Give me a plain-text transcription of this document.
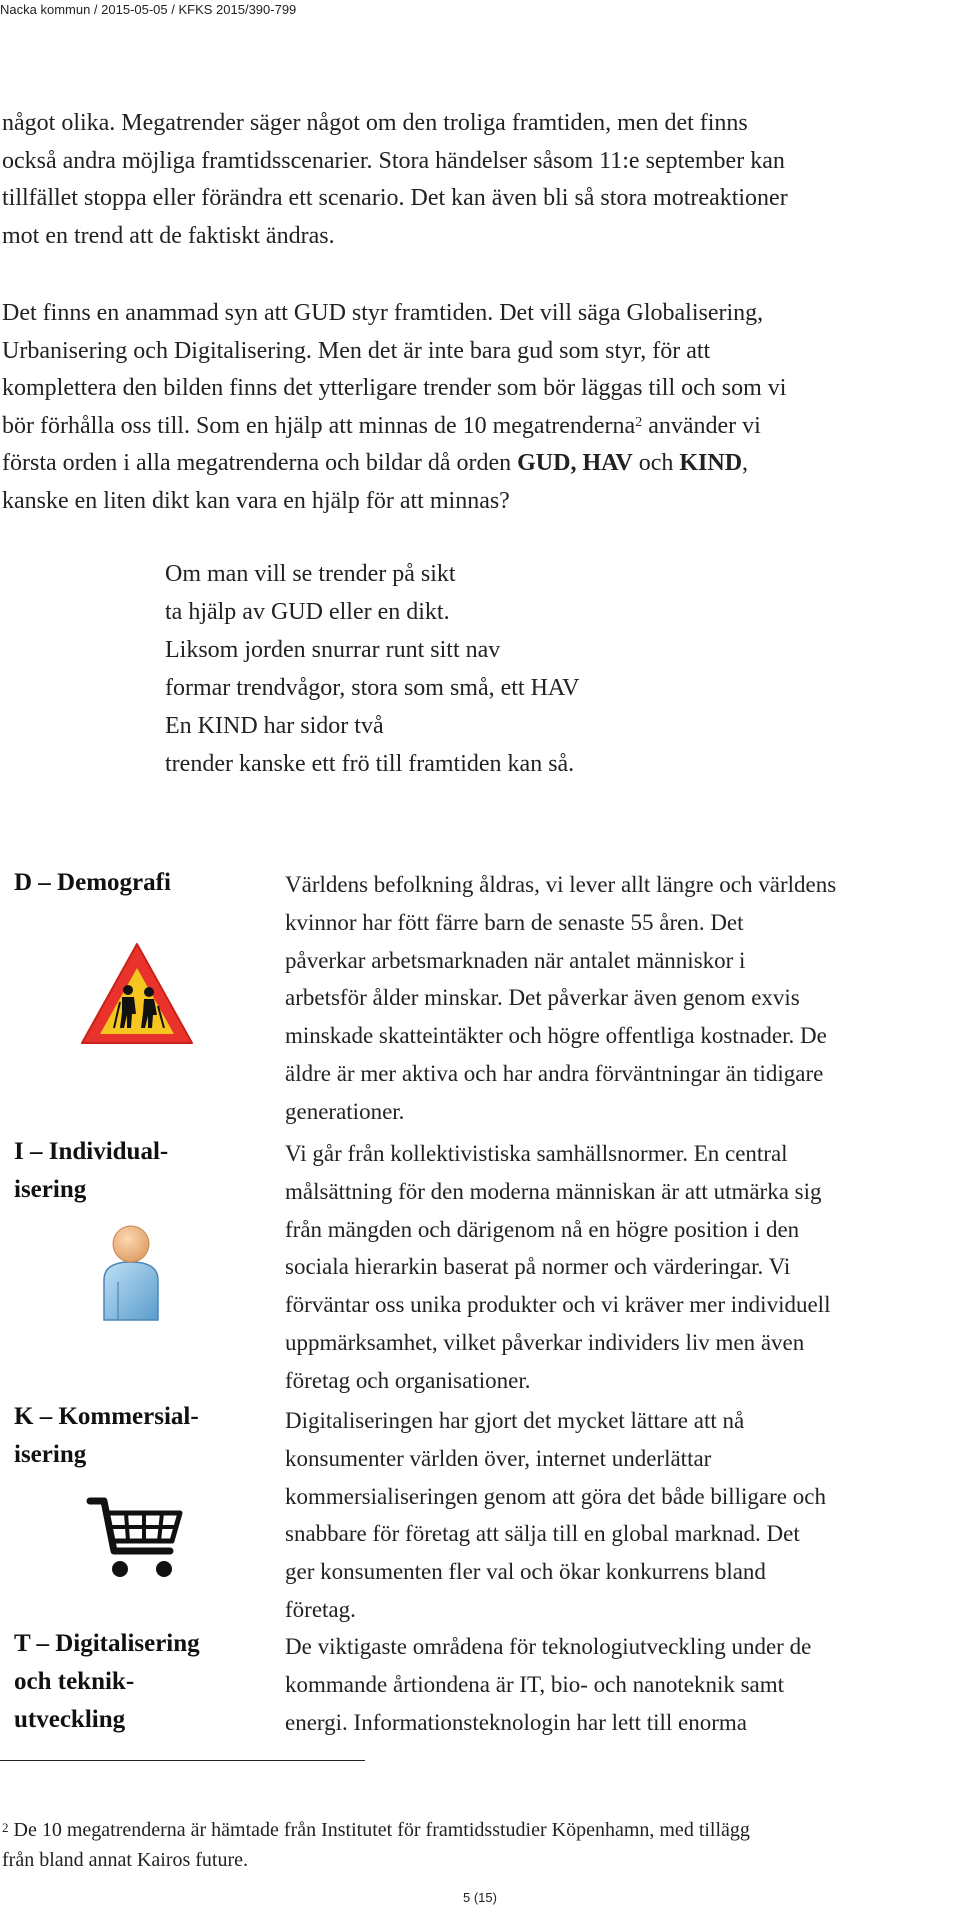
Nacka kommun / 2015-05-05 / KFKS 2015/390-799
något olika. Megatrender säger något om den troliga framtiden, men det finns
också andra möjliga framtidsscenarier. Stora händelser såsom 11:e september kan
tillfället stoppa eller förändra ett scenario. Det kan även bli så stora motreaktioner
mot en trend att de faktiskt ändras.
Det finns en anammad syn att GUD styr framtiden. Det vill säga Globalisering,
Urbanisering och Digitalisering. Men det är inte bara gud som styr, för att
komplettera den bilden finns det ytterligare trender som bör läggas till och som vi
bör förhålla oss till. Som en hjälp att minnas de 10 megatrenderna$^2$ använder vi
första orden i alla megatrenderna och bildar då orden GUD, HAV och KIND,
kanske en liten dikt kan vara en hjälp för att minnas?
Om man vill se trender på sikt
ta hjälp av GUD eller en dikt.
Liksom jorden snurrar runt sitt nav
formar trendvågor, stora som små, ett HAV
En KIND har sidor två
trender kanske ett frö till framtiden kan så.
D – Demografi	Världens befolkning åldras, vi lever allt längre och världens
kvinnor har fött färre barn de senaste 55 åren. Det
påverkar arbetsmarknaden när antalet människor i
arbetsför ålder minskar. Det påverkar även genom exvis
minskade skatteintäkter och högre offentliga kostnader. De
äldre är mer aktiva och har andra förväntningar än tidigare
generationer.
I – Individual-
isering
Vi går från kollektivistiska samhällsnormer. En central
målsättning för den moderna människan är att utmärka sig
från mängden och därigenom nå en högre position i den
sociala hierarkin baserat på normer och värderingar. Vi
förväntar oss unika produkter och vi kräver mer individuell
uppmärksamhet, vilket påverkar individers liv men även
företag och organisationer.
K – Kommersial-
isering
Digitaliseringen har gjort det mycket lättare att nå
konsumenter världen över, internet underlättar
kommersialiseringen genom att göra det både billigare och
snabbare för företag att sälja till en global marknad. Det
ger konsumenten fler val och ökar konkurrens bland
företag.
T – Digitalisering
och teknik-
utveckling
De viktigaste områdena för teknologiutveckling under de
kommande årtiondena är IT, bio- och nanoteknik samt
energi. Informationsteknologin har lett till enorma
$^2$ De 10 megatrenderna är hämtade från Institutet för framtidsstudier Köpenhamn, med tillägg
från bland annat Kairos future.
5 (15)
